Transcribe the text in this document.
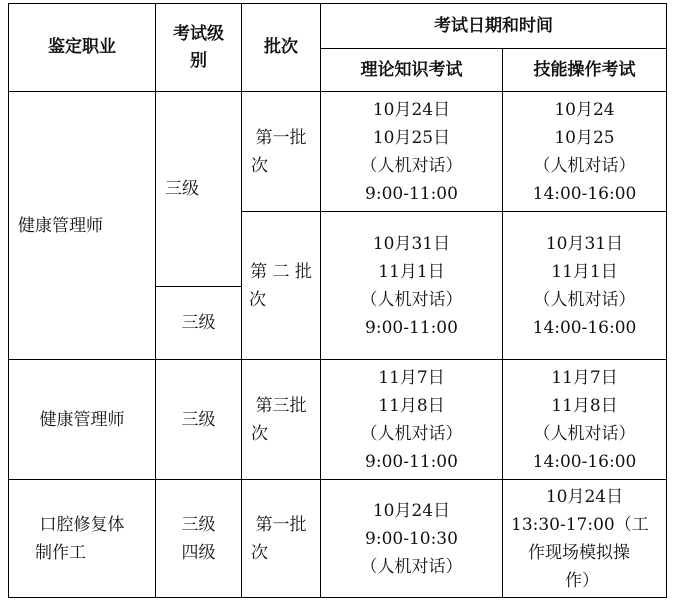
鉴定职业
考试级
别
批次
考试日期和时间
理论知识考试	技能操作考试
健康管理师
三级
三级
第一批
次
10月24日
10月25日
（人机对话）
9:00-11:00
10月24
10月25
（人机对话）
14:00-16:00
第 二 批
次
10月31日
11月1日
（人机对话）
9:00-11:00
10月31日
11月1日
（人机对话）
14:00-16:00
健康管理师	三级
第三批
次
11月7日
11月8日
（人机对话）
9:00-11:00
11月7日
11月8日
（人机对话）
14:00-16:00
口腔修复体
制作工
三级
四级
第一批
次
10月24日
9:00-10:30
（人机对话）
10月24日
13:30-17:00（工
作现场模拟操
作）
